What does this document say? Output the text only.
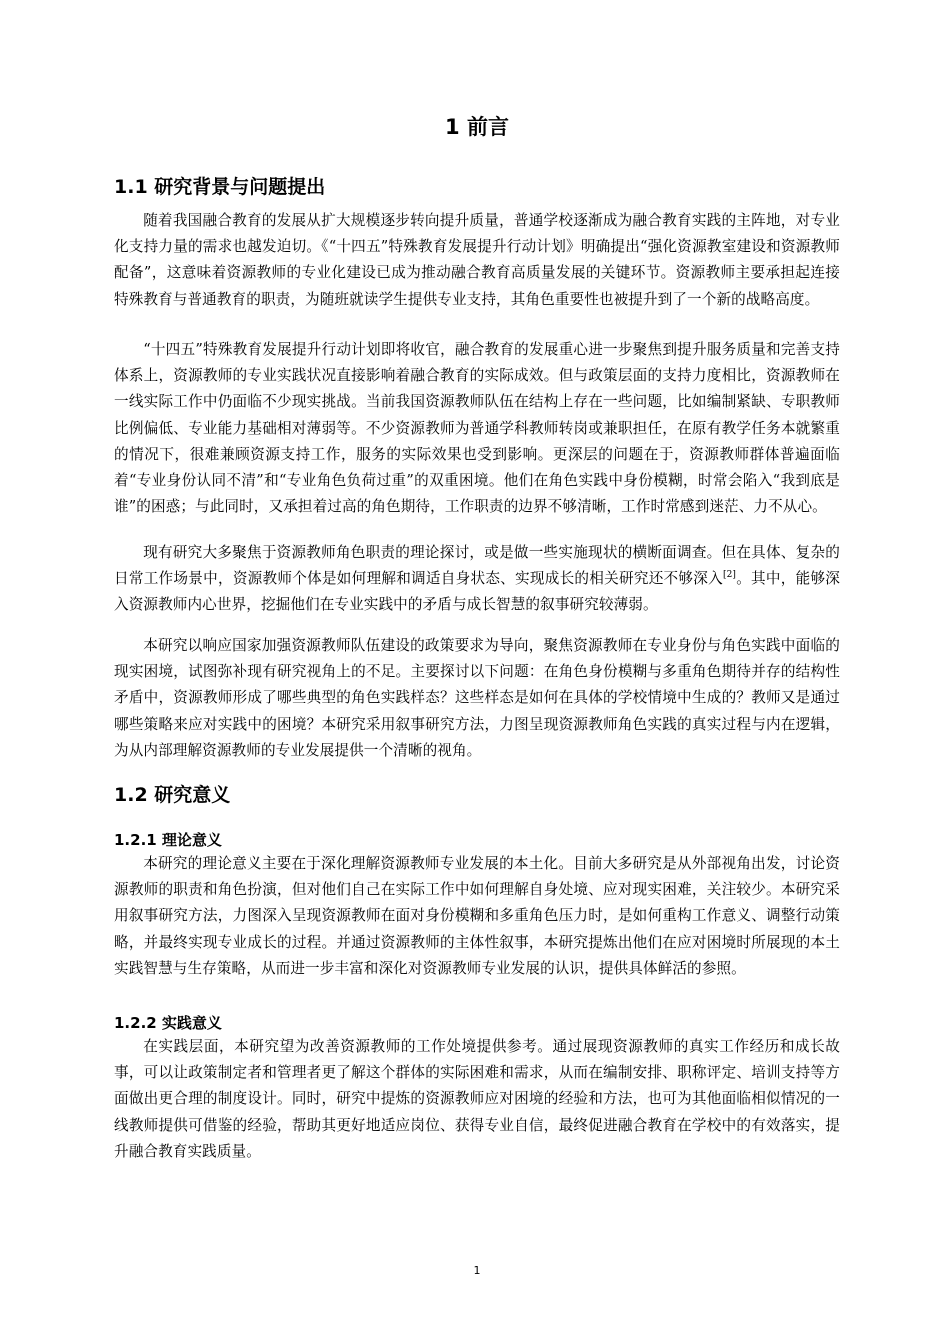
1 前言
1.1 研究背景与问题提出

随着我国融合教育的发展从扩大规模逐步转向提升质量，普通学校逐渐成为融合教育实践的主阵地，对专业化支持力量的需求也越发迫切。《“十四五”特殊教育发展提升行动计划》明确提出“强化资源教室建设和资源教师配备”，这意味着资源教师的专业化建设已成为推动融合教育高质量发展的关键环节。资源教师主要承担起连接特殊教育与普通教育的职责，为随班就读学生提供专业支持，其角色重要性也被提升到了一个新的战略高度。

“十四五”特殊教育发展提升行动计划即将收官，融合教育的发展重心进一步聚焦到提升服务质量和完善支持体系上，资源教师的专业实践状况直接影响着融合教育的实际成效。但与政策层面的支持力度相比，资源教师在一线实际工作中仍面临不少现实挑战。当前我国资源教师队伍在结构上存在一些问题，比如编制紧缺、专职教师比例偏低、专业能力基础相对薄弱等。不少资源教师为普通学科教师转岗或兼职担任，在原有教学任务本就繁重的情况下，很难兼顾资源支持工作，服务的实际效果也受到影响。更深层的问题在于，资源教师群体普遍面临着“专业身份认同不清”和“专业角色负荷过重”的双重困境。他们在角色实践中身份模糊，时常会陷入“我到底是谁”的困惑；与此同时，又承担着过高的角色期待，工作职责的边界不够清晰，工作时常感到迷茫、力不从心。

现有研究大多聚焦于资源教师角色职责的理论探讨，或是做一些实施现状的横断面调查。但在具体、复杂的日常工作场景中，资源教师个体是如何理解和调适自身状态、实现成长的相关研究还不够深入[2]。其中，能够深入资源教师内心世界，挖掘他们在专业实践中的矛盾与成长智慧的叙事研究较薄弱。

本研究以响应国家加强资源教师队伍建设的政策要求为导向，聚焦资源教师在专业身份与角色实践中面临的现实困境，试图弥补现有研究视角上的不足。主要探讨以下问题：在角色身份模糊与多重角色期待并存的结构性矛盾中，资源教师形成了哪些典型的角色实践样态？这些样态是如何在具体的学校情境中生成的？教师又是通过哪些策略来应对实践中的困境？本研究采用叙事研究方法，力图呈现资源教师角色实践的真实过程与内在逻辑，为从内部理解资源教师的专业发展提供一个清晰的视角。

1.2 研究意义
1.2.1 理论意义

本研究的理论意义主要在于深化理解资源教师专业发展的本土化。目前大多研究是从外部视角出发，讨论资源教师的职责和角色扮演，但对他们自己在实际工作中如何理解自身处境、应对现实困难，关注较少。本研究采用叙事研究方法，力图深入呈现资源教师在面对身份模糊和多重角色压力时，是如何重构工作意义、调整行动策略，并最终实现专业成长的过程。并通过资源教师的主体性叙事，本研究提炼出他们在应对困境时所展现的本土实践智慧与生存策略，从而进一步丰富和深化对资源教师专业发展的认识，提供具体鲜活的参照。

1.2.2 实践意义

在实践层面，本研究望为改善资源教师的工作处境提供参考。通过展现资源教师的真实工作经历和成长故事，可以让政策制定者和管理者更了解这个群体的实际困难和需求，从而在编制安排、职称评定、培训支持等方面做出更合理的制度设计。同时，研究中提炼的资源教师应对困境的经验和方法，也可为其他面临相似情况的一线教师提供可借鉴的经验，帮助其更好地适应岗位、获得专业自信，最终促进融合教育在学校中的有效落实，提升融合教育实践质量。

1
